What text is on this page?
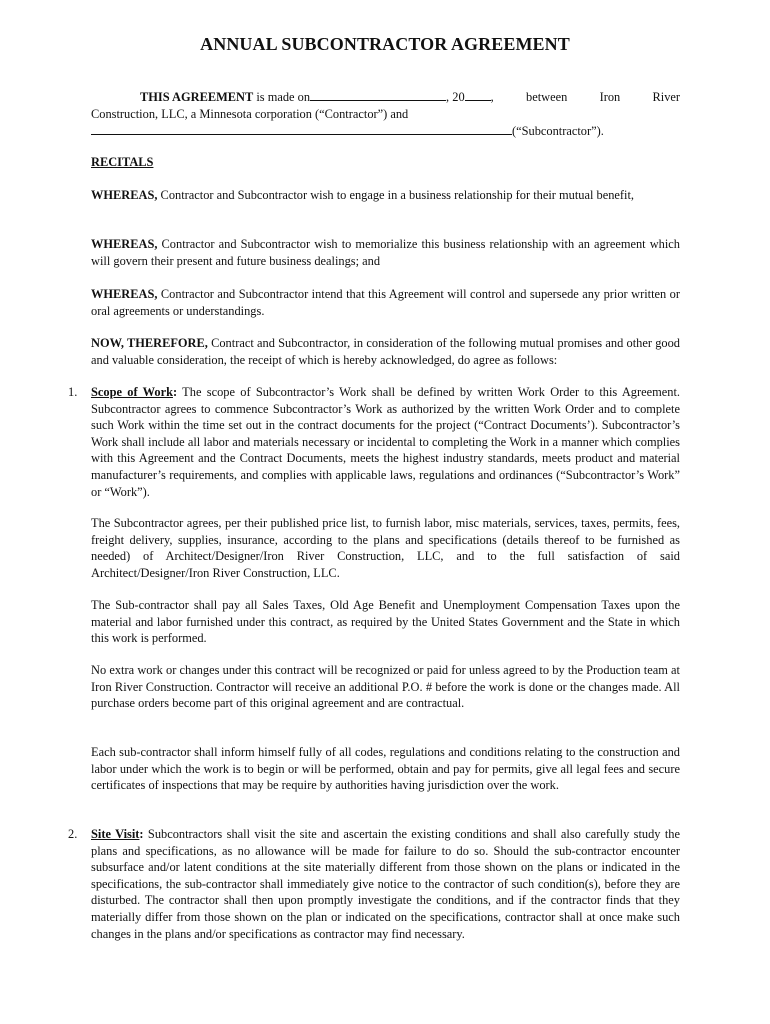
ANNUAL SUBCONTRACTOR AGREEMENT
THIS AGREEMENT is made on	, 20 ,	between	Iron	River
Construction, LLC, a Minnesota corporation (“Contractor”) and
(“Subcontractor”).
RECITALS
WHEREAS, Contractor and Subcontractor wish to engage in a business relationship for their mutual benefit,
WHEREAS, Contractor and Subcontractor wish to memorialize this business relationship with an agreement which will govern their present and future business dealings; and
WHEREAS, Contractor and Subcontractor intend that this Agreement will control and supersede any prior written or oral agreements or understandings.
NOW, THEREFORE, Contract and Subcontractor, in consideration of the following mutual promises and other good and valuable consideration, the receipt of which is hereby acknowledged, do agree as follows:
1. Scope of Work: The scope of Subcontractor’s Work shall be defined by written Work Order to this Agreement. Subcontractor agrees to commence Subcontractor’s Work as authorized by the written Work Order and to complete such Work within the time set out in the contract documents for the project (“Contract Documents’). Subcontractor’s Work shall include all labor and materials necessary or incidental to completing the Work in a manner which complies with this Agreement and the Contract Documents, meets the highest industry standards, meets product and material manufacturer’s requirements, and complies with applicable laws, regulations and ordinances (“Subcontractor’s Work” or “Work”).
The Subcontractor agrees, per their published price list, to furnish labor, misc materials, services, taxes, permits, fees, freight delivery, supplies, insurance, according to the plans and specifications (details thereof to be furnished as needed) of Architect/Designer/Iron River Construction, LLC, and to the full satisfaction of said Architect/Designer/Iron River Construction, LLC.
The Sub-contractor shall pay all Sales Taxes, Old Age Benefit and Unemployment Compensation Taxes upon the material and labor furnished under this contract, as required by the United States Government and the State in which this work is performed.
No extra work or changes under this contract will be recognized or paid for unless agreed to by the Production team at Iron River Construction. Contractor will receive an additional P.O. # before the work is done or the changes made. All purchase orders become part of this original agreement and are contractual.
Each sub-contractor shall inform himself fully of all codes, regulations and conditions relating to the construction and labor under which the work is to begin or will be performed, obtain and pay for permits, give all legal fees and secure certificates of inspections that may be require by authorities having jurisdiction over the work.
2. Site Visit: Subcontractors shall visit the site and ascertain the existing conditions and shall also carefully study the plans and specifications, as no allowance will be made for failure to do so. Should the sub-contractor encounter subsurface and/or latent conditions at the site materially different from those shown on the plans or indicated in the specifications, the sub-contractor shall immediately give notice to the contractor of such condition(s), before they are disturbed. The contractor shall then upon promptly investigate the conditions, and if the contractor finds that they materially differ from those shown on the plan or indicated on the specifications, contractor shall at once make such changes in the plans and/or specifications as contractor may find necessary.
